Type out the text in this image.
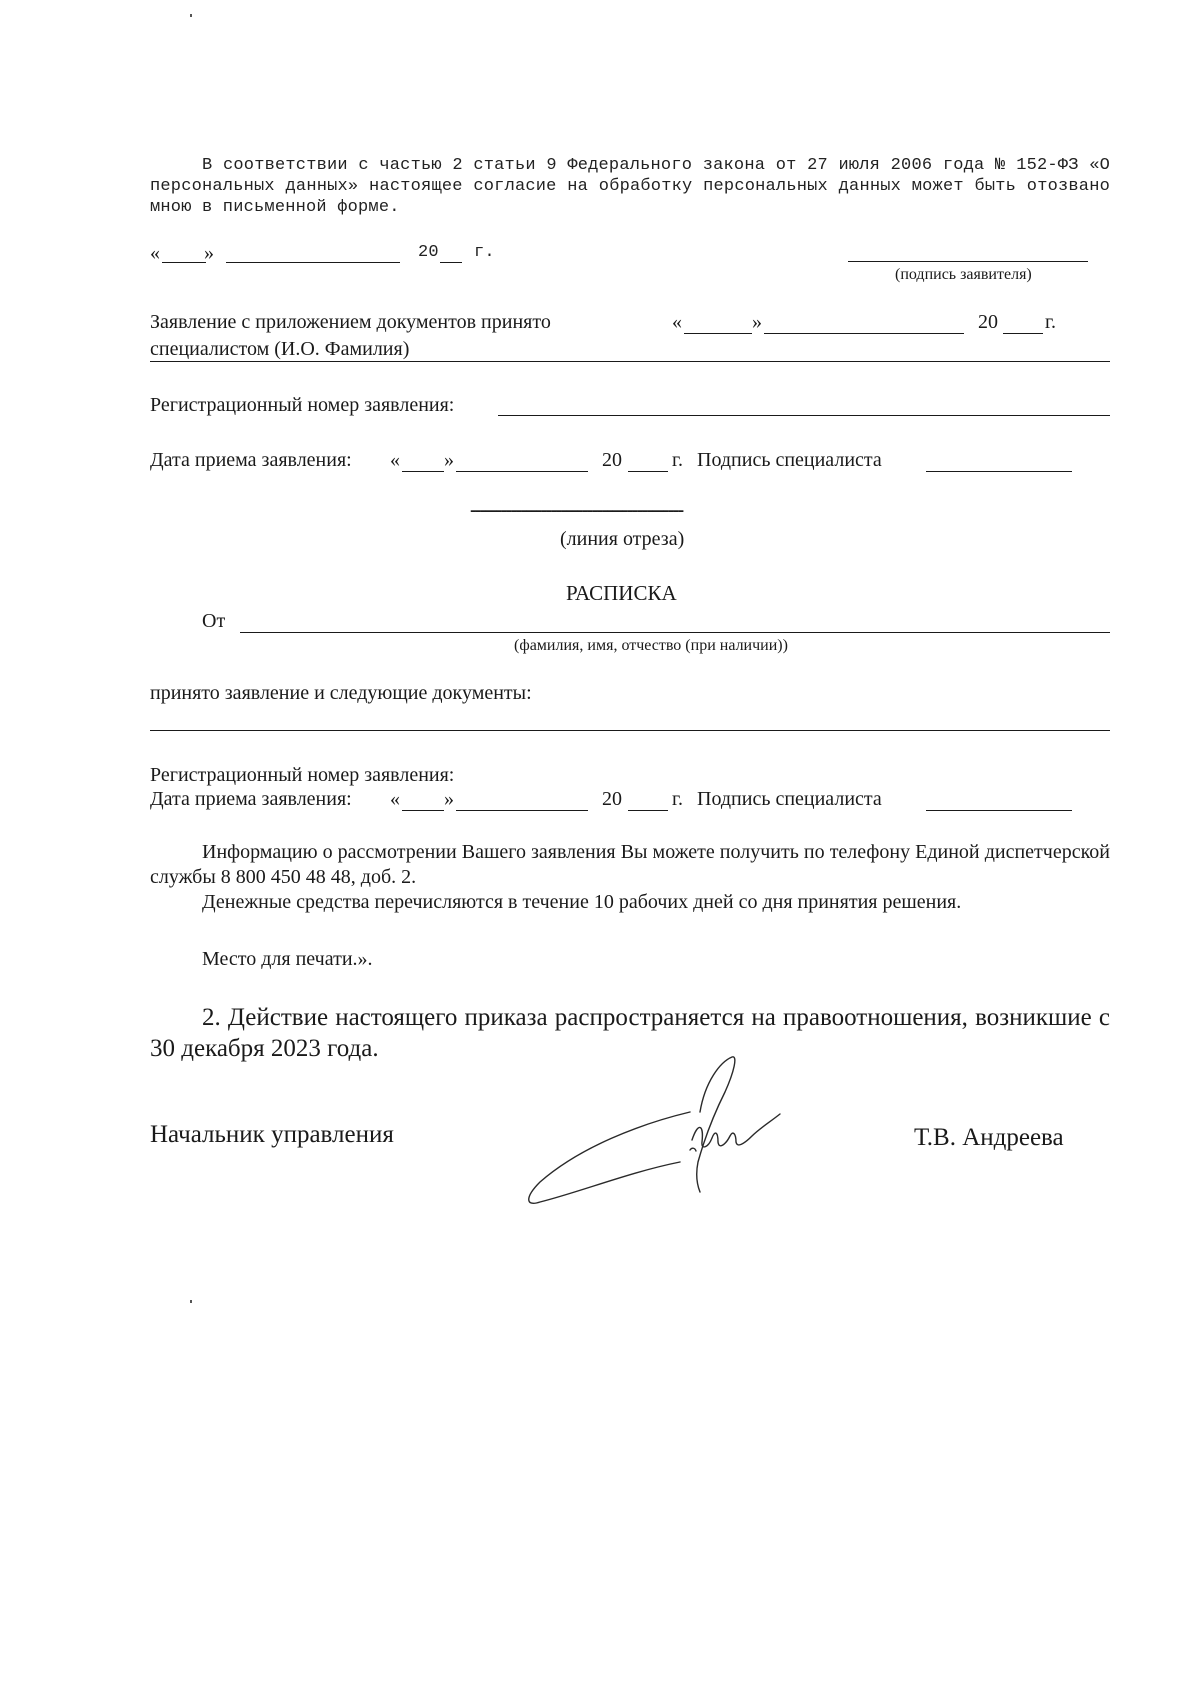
В соответствии с частью 2 статьи 9 Федерального закона от 27 июля 2006 года № 152-ФЗ «О персональных данных» настоящее согласие на обработку персональных данных может быть отозвано мною в письменной форме.
« »	20 г.
(подпись заявителя)
Заявление с приложением документов принято
специалистом (И.О. Фамилия)
«	»	20 г.
Регистрационный номер заявления:
Дата приема заявления: « »	20	г. Подпись специалиста
------------------------------------------
(линия отреза)
РАСПИСКА
От
(фамилия, имя, отчество (при наличии))
принято заявление и следующие документы:
Регистрационный номер заявления:
Дата приема заявления: « »	20	г. Подпись специалиста
Информацию о рассмотрении Вашего заявления Вы можете получить по телефону Единой диспетчерской службы 8 800 450 48 48, доб. 2.
Денежные средства перечисляются в течение 10 рабочих дней со дня принятия решения.
Место для печати.».
2. Действие настоящего приказа распространяется на правоотношения, возникшие с 30 декабря 2023 года.
Начальник управления	Т.В. Андреева
